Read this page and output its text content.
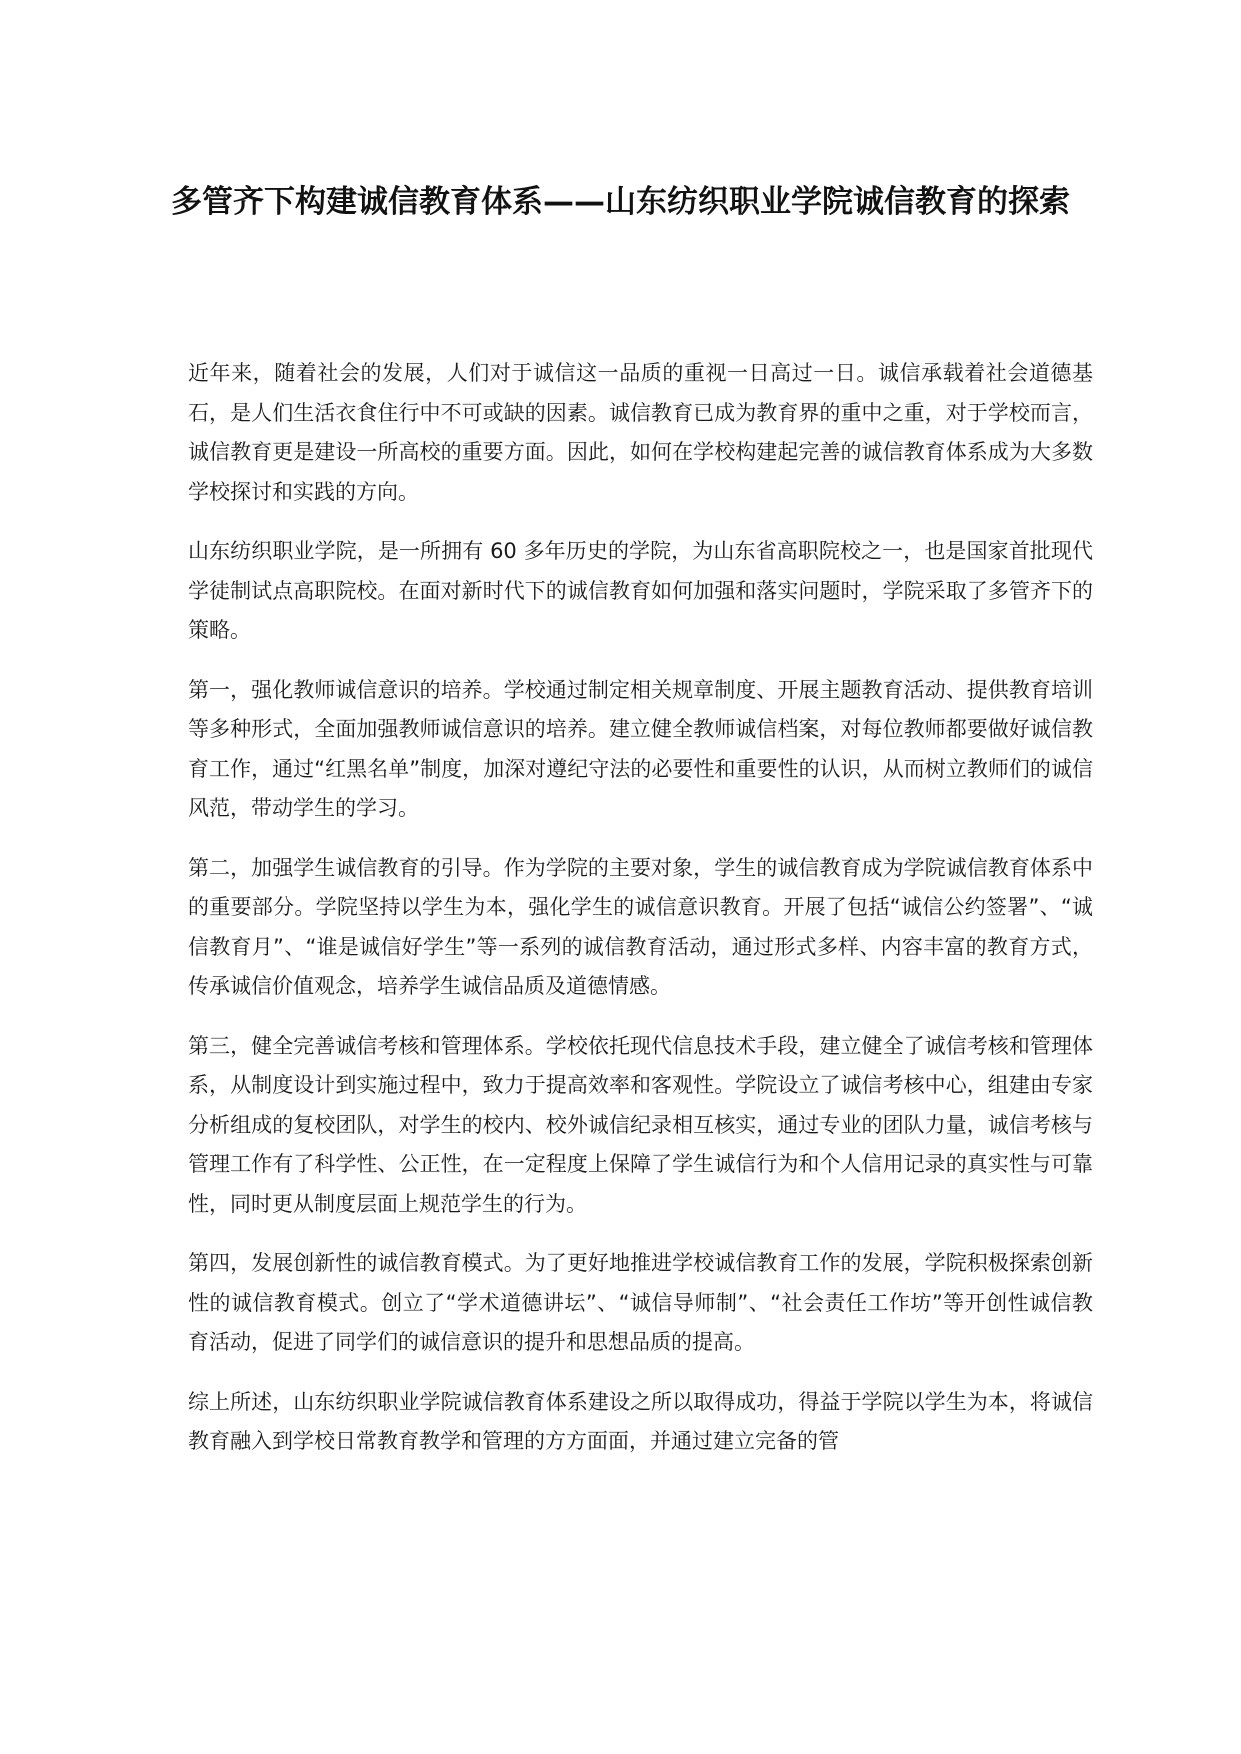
多管齐下构建诚信教育体系——山东纺织职业学院诚信教育的探索

近年来，随着社会的发展，人们对于诚信这一品质的重视一日高过一日。诚信承载着社会道德基石，是人们生活衣食住行中不可或缺的因素。诚信教育已成为教育界的重中之重，对于学校而言，诚信教育更是建设一所高校的重要方面。因此，如何在学校构建起完善的诚信教育体系成为大多数学校探讨和实践的方向。

山东纺织职业学院，是一所拥有 60 多年历史的学院，为山东省高职院校之一，也是国家首批现代学徒制试点高职院校。在面对新时代下的诚信教育如何加强和落实问题时，学院采取了多管齐下的策略。

第一，强化教师诚信意识的培养。学校通过制定相关规章制度、开展主题教育活动、提供教育培训等多种形式，全面加强教师诚信意识的培养。建立健全教师诚信档案，对每位教师都要做好诚信教育工作，通过“红黑名单”制度，加深对遵纪守法的必要性和重要性的认识，从而树立教师们的诚信风范，带动学生的学习。

第二，加强学生诚信教育的引导。作为学院的主要对象，学生的诚信教育成为学院诚信教育体系中的重要部分。学院坚持以学生为本，强化学生的诚信意识教育。开展了包括“诚信公约签署”、“诚信教育月”、“谁是诚信好学生”等一系列的诚信教育活动，通过形式多样、内容丰富的教育方式，传承诚信价值观念，培养学生诚信品质及道德情感。

第三，健全完善诚信考核和管理体系。学校依托现代信息技术手段，建立健全了诚信考核和管理体系，从制度设计到实施过程中，致力于提高效率和客观性。学院设立了诚信考核中心，组建由专家分析组成的复校团队，对学生的校内、校外诚信纪录相互核实，通过专业的团队力量，诚信考核与管理工作有了科学性、公正性，在一定程度上保障了学生诚信行为和个人信用记录的真实性与可靠性，同时更从制度层面上规范学生的行为。

第四，发展创新性的诚信教育模式。为了更好地推进学校诚信教育工作的发展，学院积极探索创新性的诚信教育模式。创立了“学术道德讲坛”、“诚信导师制”、“社会责任工作坊”等开创性诚信教育活动，促进了同学们的诚信意识的提升和思想品质的提高。

综上所述，山东纺织职业学院诚信教育体系建设之所以取得成功，得益于学院以学生为本，将诚信教育融入到学校日常教育教学和管理的方方面面，并通过建立完备的管
